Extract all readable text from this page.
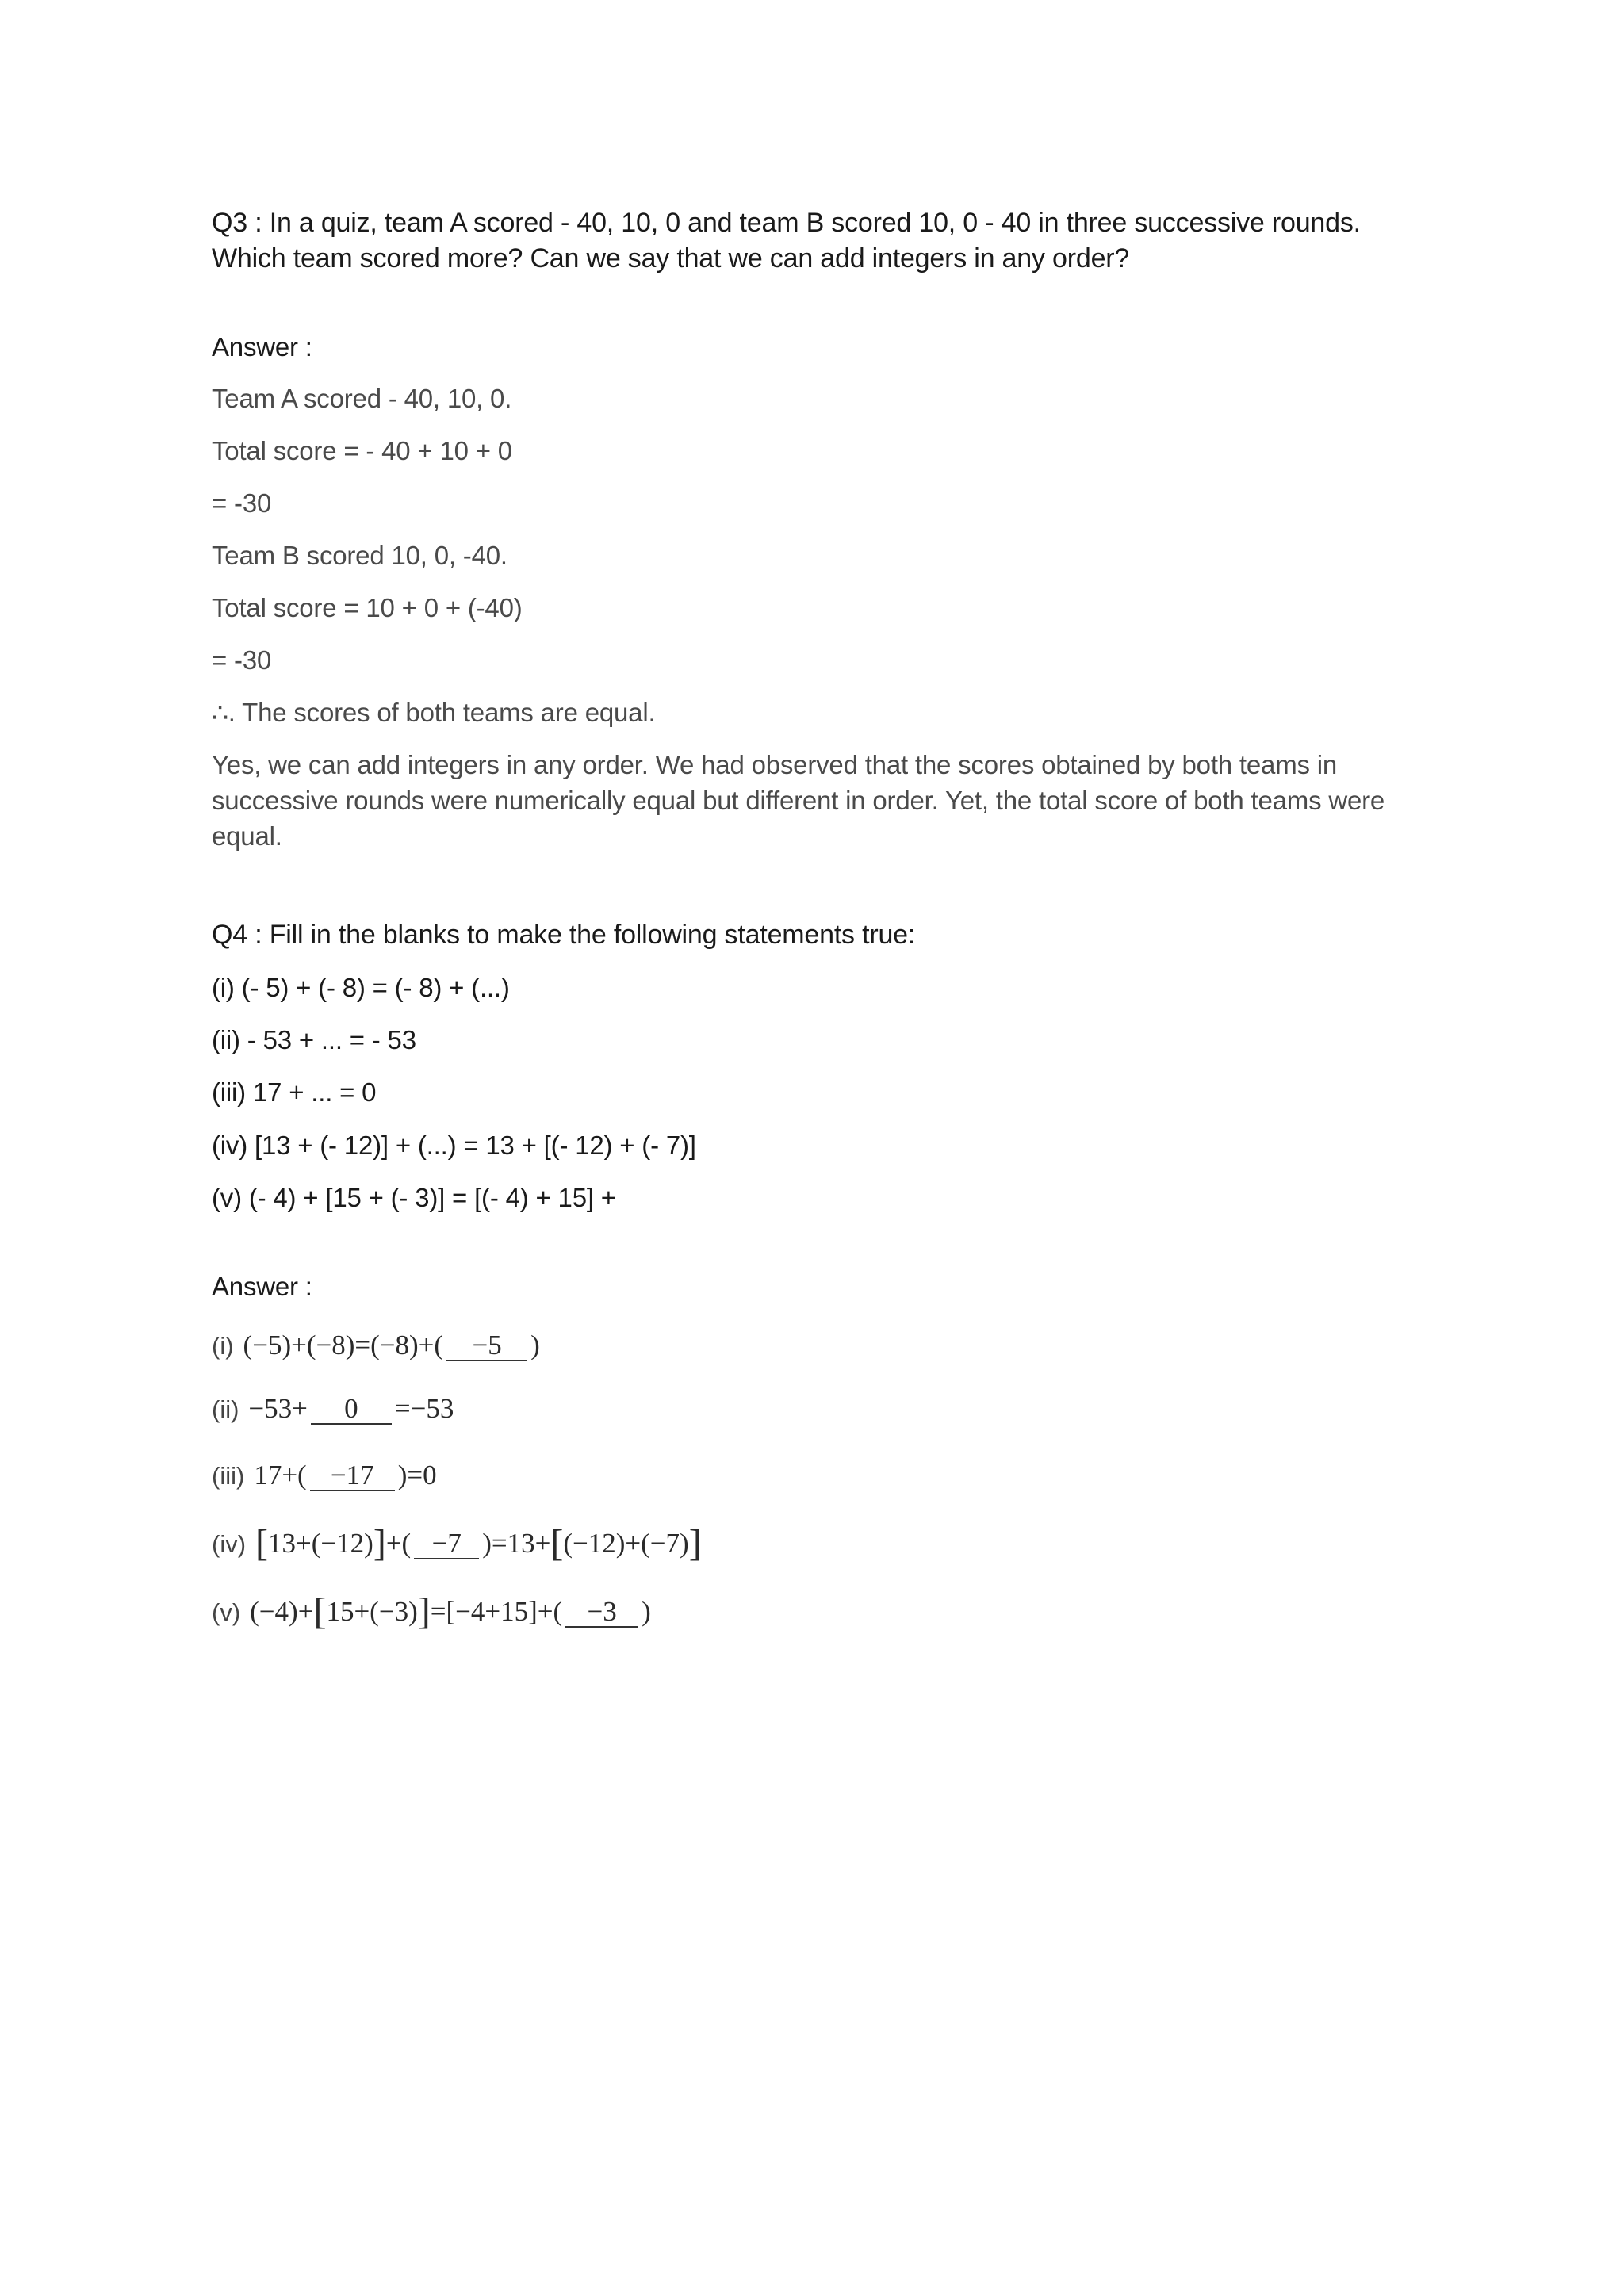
Q3 : In a quiz, team A scored - 40, 10, 0 and team B scored 10, 0 - 40 in three successive rounds.

Which team scored more? Can we say that we can add integers in any order?

Answer :

Team A scored - 40, 10, 0.

Total score = - 40 + 10 + 0

= -30

Team B scored 10, 0, -40.

Total score = 10 + 0 + (-40)

= -30

∴. The scores of both teams are equal.

Yes, we can add integers in any order. We had observed that the scores obtained by both teams in successive rounds were numerically equal but different in order. Yet, the total score of both teams were equal.

Q4 : Fill in the blanks to make the following statements true:

(i) (- 5) + (- 8) = (- 8) + (...)

(ii) - 53 + ... = - 53

(iii) 17 + ... = 0

(iv) [13 + (- 12)] + (...) = 13 + [(- 12) + (- 7)]

(v) (- 4) + [15 + (- 3)] = [(- 4) + 15] +

Answer :

(i) (−5)+(−8)=(−8)+( −5 )

(ii) −53+ 0 =−53

(iii) 17+( −17 )=0

(iv) [13+(−12)]+( −7 )=13+[(−12)+(−7)]

(v) (−4)+[15+(−3)]=[−4+15]+( −3 )
